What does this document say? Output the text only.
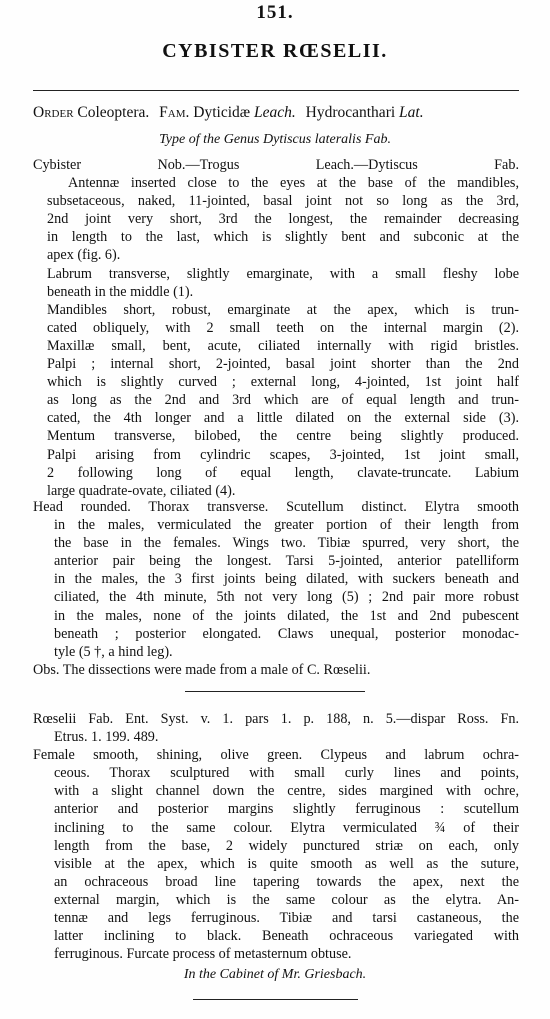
151.
CYBISTER RŒSELII.
Order Coleoptera. Fam. Dyticidæ Leach. Hydrocanthari Lat.
Type of the Genus Dytiscus lateralis Fab.
Cybister Nob.—Trogus Leach.—Dytiscus Fab.
Antennæ inserted close to the eyes at the base of the mandibles,
subsetaceous, naked, 11-jointed, basal joint not so long as the 3rd,
2nd joint very short, 3rd the longest, the remainder decreasing
in length to the last, which is slightly bent and subconic at the
apex (fig. 6).
Labrum transverse, slightly emarginate, with a small fleshy lobe
beneath in the middle (1).
Mandibles short, robust, emarginate at the apex, which is trun-
cated obliquely, with 2 small teeth on the internal margin (2).
Maxillæ small, bent, acute, ciliated internally with rigid bristles.
Palpi ; internal short, 2-jointed, basal joint shorter than the 2nd
which is slightly curved ; external long, 4-jointed, 1st joint half
as long as the 2nd and 3rd which are of equal length and trun-
cated, the 4th longer and a little dilated on the external side (3).
Mentum transverse, bilobed, the centre being slightly produced.
Palpi arising from cylindric scapes, 3-jointed, 1st joint small,
2 following long of equal length, clavate-truncate. Labium
large quadrate-ovate, ciliated (4).
Head rounded. Thorax transverse. Scutellum distinct. Elytra smooth
in the males, vermiculated the greater portion of their length from
the base in the females. Wings two. Tibiæ spurred, very short, the
anterior pair being the longest. Tarsi 5-jointed, anterior patelliform
in the males, the 3 first joints being dilated, with suckers beneath and
ciliated, the 4th minute, 5th not very long (5) ; 2nd pair more robust
in the males, none of the joints dilated, the 1st and 2nd pubescent
beneath ; posterior elongated. Claws unequal, posterior monodac-
tyle (5 †, a hind leg).
Obs. The dissections were made from a male of C. Rœselii.
Rœselii Fab. Ent. Syst. v. 1. pars 1. p. 188, n. 5.—dispar Ross. Fn.
Etrus. 1. 199. 489.
Female smooth, shining, olive green. Clypeus and labrum ochra-
ceous. Thorax sculptured with small curly lines and points,
with a slight channel down the centre, sides margined with ochre,
anterior and posterior margins slightly ferruginous : scutellum
inclining to the same colour. Elytra vermiculated ¾ of their
length from the base, 2 widely punctured striæ on each, only
visible at the apex, which is quite smooth as well as the suture,
an ochraceous broad line tapering towards the apex, next the
external margin, which is the same colour as the elytra. An-
tennæ and legs ferruginous. Tibiæ and tarsi castaneous, the
latter inclining to black. Beneath ochraceous variegated with
ferruginous. Furcate process of metasternum obtuse.
In the Cabinet of Mr. Griesbach.
